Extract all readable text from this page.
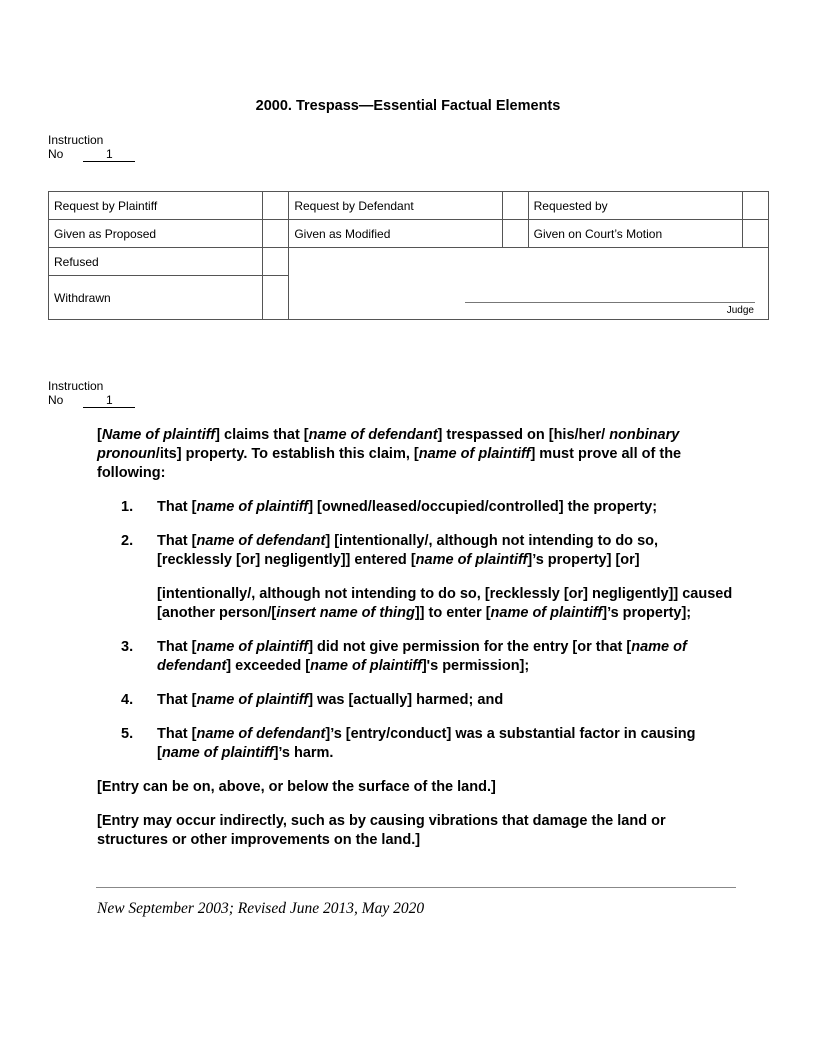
2000. Trespass—Essential Factual Elements
Instruction
No	1
Request by Plaintiff		Request by Defendant		Requested by	
Given as Proposed		Given as Modified		Given on Court’s Motion	
Refused		Judge			

Withdrawn					
Instruction
No	1

[Name of plaintiff] claims that [name of defendant] trespassed on [his/her/ nonbinary pronoun/its] property. To establish this claim, [name of plaintiff] must prove all of the following:

1. That [name of plaintiff] [owned/leased/occupied/controlled] the property;

2. That [name of defendant] [intentionally/, although not intending to do so, [recklessly [or] negligently]] entered [name of plaintiff]’s property] [or]

[intentionally/, although not intending to do so, [recklessly [or] negligently]] caused [another person/[insert name of thing]] to enter [name of plaintiff]’s property];

3. That [name of plaintiff] did not give permission for the entry [or that [name of defendant] exceeded [name of plaintiff]'s permission];

4. That [name of plaintiff] was [actually] harmed; and

5. That [name of defendant]’s [entry/conduct] was a substantial factor in causing [name of plaintiff]’s harm.

[Entry can be on, above, or below the surface of the land.]

[Entry may occur indirectly, such as by causing vibrations that damage the land or structures or other improvements on the land.]

New September 2003; Revised June 2013, May 2020
